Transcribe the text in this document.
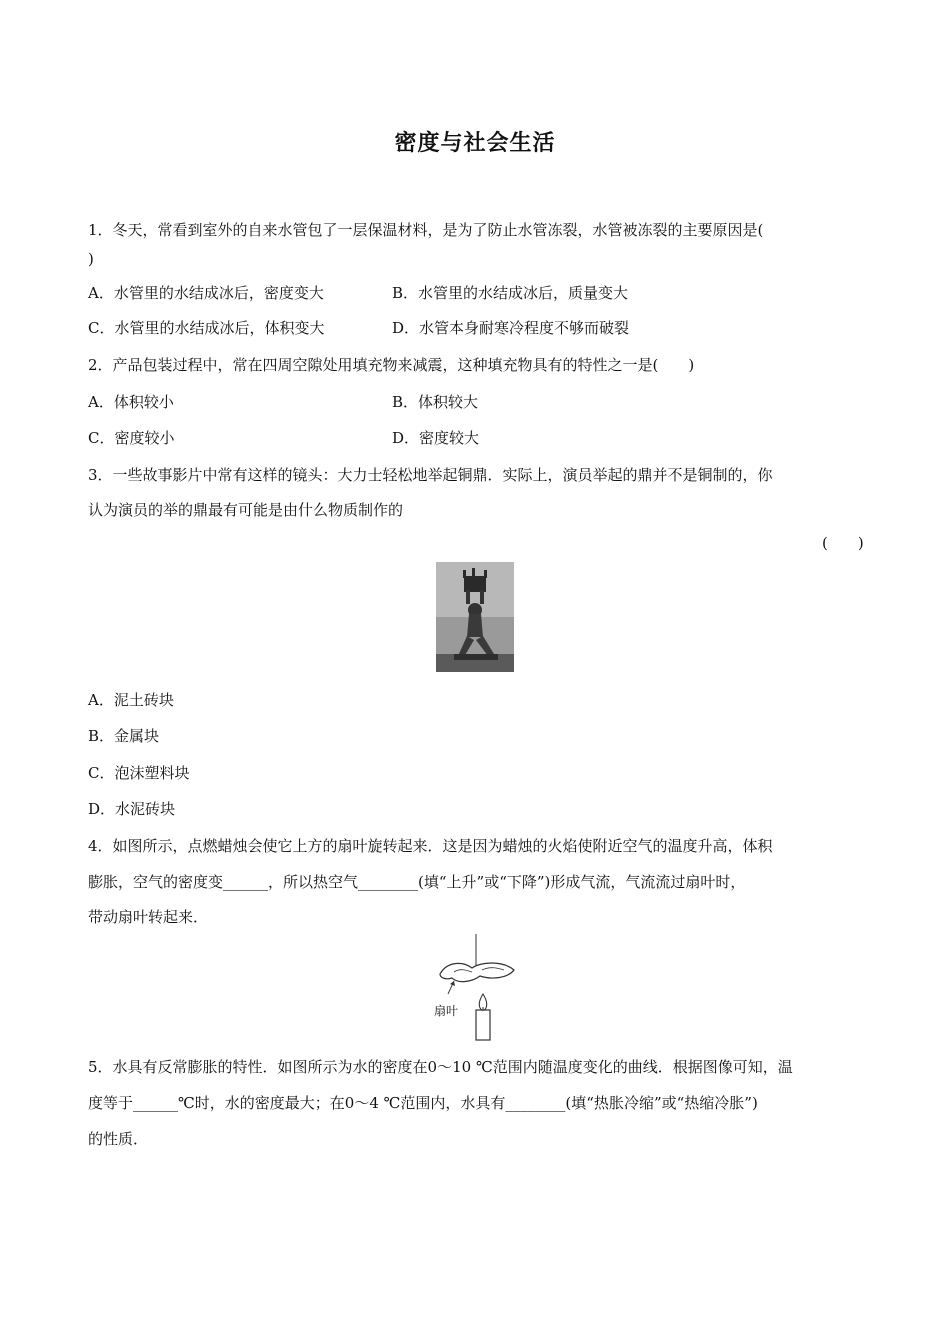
密度与社会生活
1．冬天，常看到室外的自来水管包了一层保温材料，是为了防止水管冻裂，水管被冻裂的主要原因是(
)
A．水管里的水结成冰后，密度变大	B．水管里的水结成冰后，质量变大
C．水管里的水结成冰后，体积变大	D．水管本身耐寒冷程度不够而破裂
2．产品包装过程中，常在四周空隙处用填充物来减震，这种填充物具有的特性之一是(　　)
A．体积较小	B．体积较大
C．密度较小	D．密度较大
3．一些故事影片中常有这样的镜头：大力士轻松地举起铜鼎．实际上，演员举起的鼎并不是铜制的，你
认为演员的举的鼎最有可能是由什么物质制作的
(　　)
A．泥土砖块
B．金属块
C．泡沫塑料块
D．水泥砖块
4．如图所示，点燃蜡烛会使它上方的扇叶旋转起来．这是因为蜡烛的火焰使附近空气的温度升高，体积
膨胀，空气的密度变______，所以热空气________(填“上升”或“下降”)形成气流，气流流过扇叶时，
带动扇叶转起来．
扇叶
5．水具有反常膨胀的特性．如图所示为水的密度在0～10 ℃范围内随温度变化的曲线．根据图像可知，温
度等于______℃时，水的密度最大；在0～4 ℃范围内，水具有________(填“热胀冷缩”或“热缩冷胀”)
的性质．
